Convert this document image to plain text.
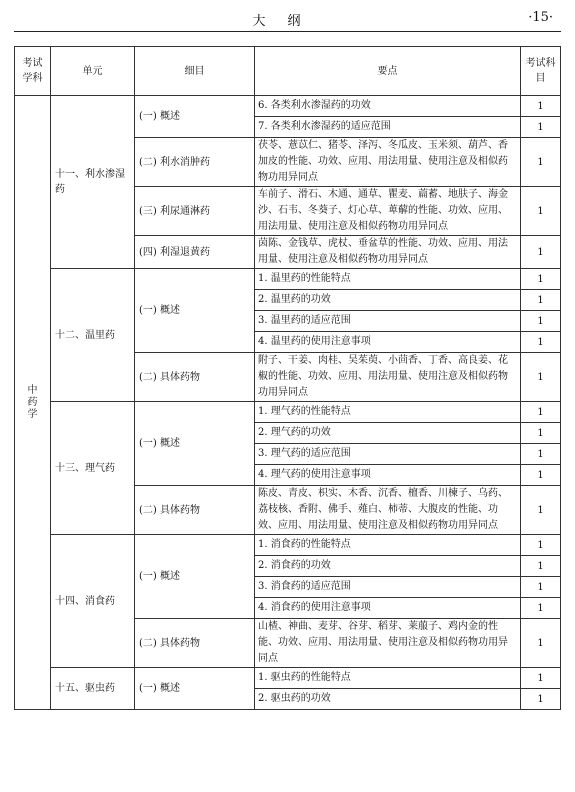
大纲	·15·
考试学科	单元	细目	要点	考试科目

中药学	十一、利水渗湿药	(一) 概述	6. 各类利水渗湿药的功效	1
			7. 各类利水渗湿药的适应范围	1
		(二) 利水消肿药	茯苓、薏苡仁、猪苓、泽泻、冬瓜皮、玉米须、葫芦、香加皮的性能、功效、应用、用法用量、使用注意及相似药物功用异同点	1
		(三) 利尿通淋药	车前子、滑石、木通、通草、瞿麦、萹蓄、地肤子、海金沙、石韦、冬葵子、灯心草、萆薢的性能、功效、应用、用法用量、使用注意及相似药物功用异同点	1
		(四) 利湿退黄药	茵陈、金钱草、虎杖、垂盆草的性能、功效、应用、用法用量、使用注意及相似药物功用异同点	1
	十二、温里药	(一) 概述	1. 温里药的性能特点	1
			2. 温里药的功效	1
			3. 温里药的适应范围	1
			4. 温里药的使用注意事项	1
		(二) 具体药物	附子、干姜、肉桂、吴茱萸、小茴香、丁香、高良姜、花椒的性能、功效、应用、用法用量、使用注意及相似药物功用异同点	1
	十三、理气药	(一) 概述	1. 理气药的性能特点	1
			2. 理气药的功效	1
			3. 理气药的适应范围	1
			4. 理气药的使用注意事项	1
		(二) 具体药物	陈皮、青皮、枳实、木香、沉香、檀香、川楝子、乌药、荔枝核、香附、佛手、薤白、柿蒂、大腹皮的性能、功效、应用、用法用量、使用注意及相似药物功用异同点	1
	十四、消食药	(一) 概述	1. 消食药的性能特点	1
			2. 消食药的功效	1
			3. 消食药的适应范围	1
			4. 消食药的使用注意事项	1
		(二) 具体药物	山楂、神曲、麦芽、谷芽、稻芽、莱菔子、鸡内金的性能、功效、应用、用法用量、使用注意及相似药物功用异同点	1
	十五、驱虫药	(一) 概述	1. 驱虫药的性能特点	1
			2. 驱虫药的功效	1
